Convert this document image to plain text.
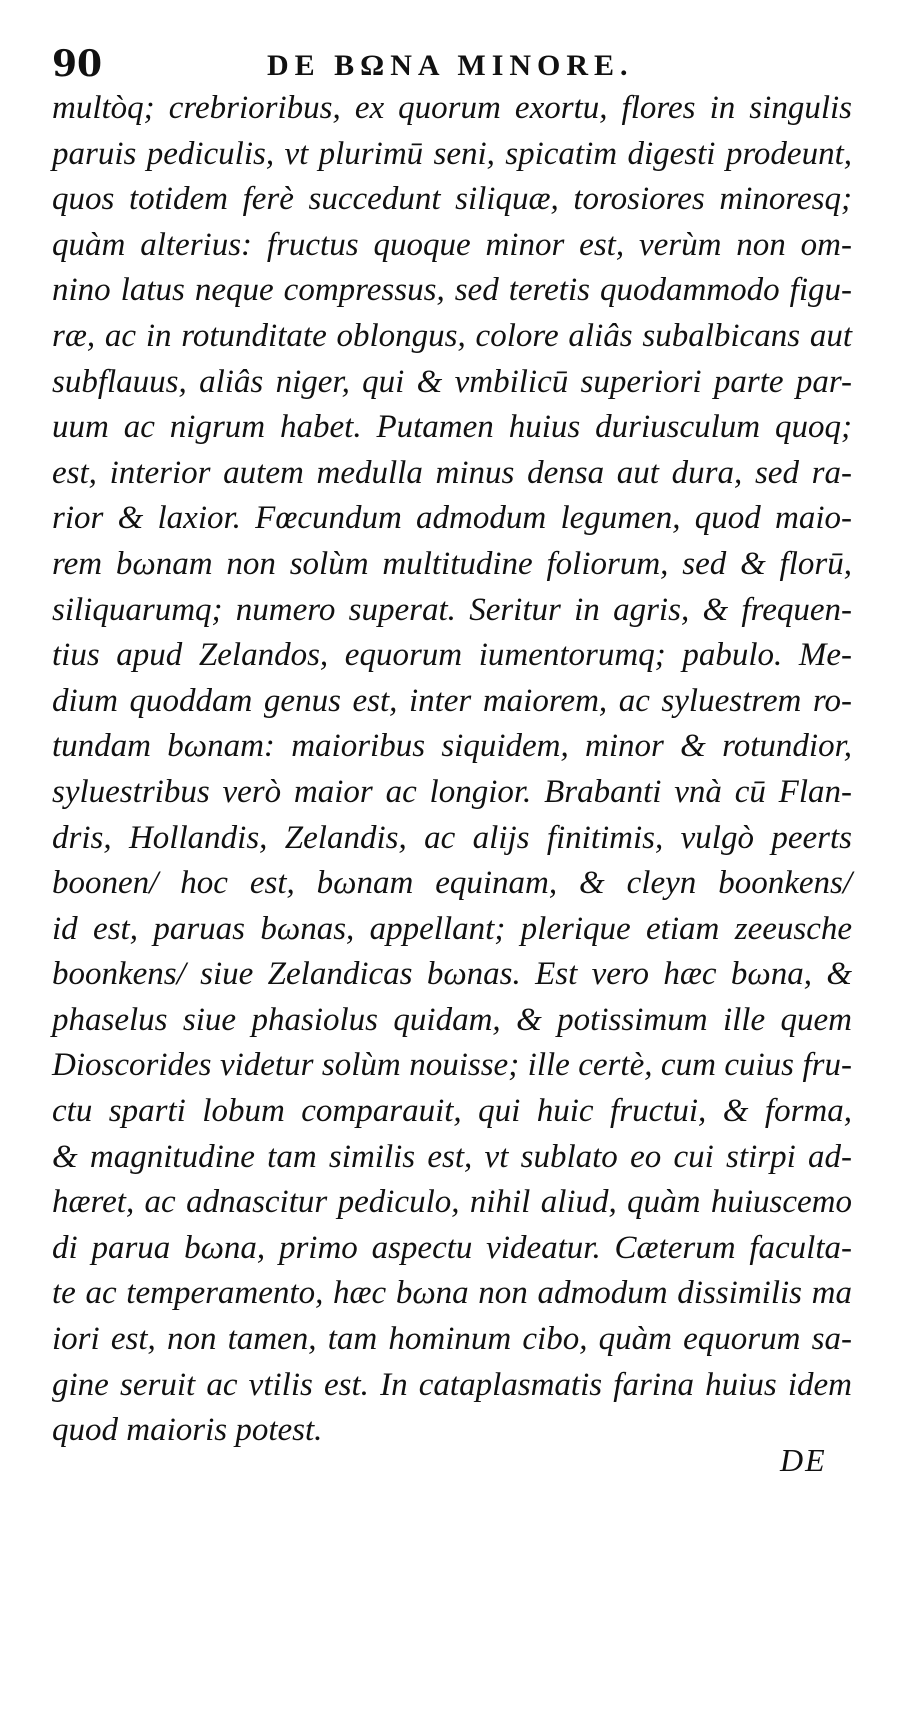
90	DE BΩNA MINORE.
multòq; crebrioribus, ex quorum exortu, flores in singulis
paruis pediculis, vt plurimū seni, spicatim digesti prodeunt,
quos totidem ferè succedunt siliquæ, torosiores minoresq;
quàm alterius: fructus quoque minor est, verùm non om-
nino latus neque compressus, sed teretis quodammodo figu-
ræ, ac in rotunditate oblongus, colore aliâs subalbicans aut
subflauus, aliâs niger, qui & vmbilicū superiori parte par-
uum ac nigrum habet. Putamen huius duriusculum quoq;
est, interior autem medulla minus densa aut dura, sed ra-
rior & laxior. Fœcundum admodum legumen, quod maio-
rem bωnam non solùm multitudine foliorum, sed & florū,
siliquarumq; numero superat. Seritur in agris, & frequen-
tius apud Zelandos, equorum iumentorumq; pabulo. Me-
dium quoddam genus est, inter maiorem, ac syluestrem ro-
tundam bωnam: maioribus siquidem, minor & rotundior,
syluestribus verò maior ac longior. Brabanti vnà cū Flan-
dris, Hollandis, Zelandis, ac alijs finitimis, vulgò peerts
boonen/ hoc est, bωnam equinam, & cleyn boonkens/
id est, paruas bωnas, appellant; plerique etiam zeeusche
boonkens/ siue Zelandicas bωnas. Est vero hæc bωna, &
phaselus siue phasiolus quidam, & potissimum ille quem
Dioscorides videtur solùm nouisse; ille certè, cum cuius fru-
ctu sparti lobum comparauit, qui huic fructui, & forma,
& magnitudine tam similis est, vt sublato eo cui stirpi ad-
hæret, ac adnascitur pediculo, nihil aliud, quàm huiuscemo
di parua bωna, primo aspectu videatur. Cæterum faculta-
te ac temperamento, hæc bωna non admodum dissimilis ma
iori est, non tamen, tam hominum cibo, quàm equorum sa-
gine seruit ac vtilis est. In cataplasmatis farina huius idem
quod maioris potest.
DE
